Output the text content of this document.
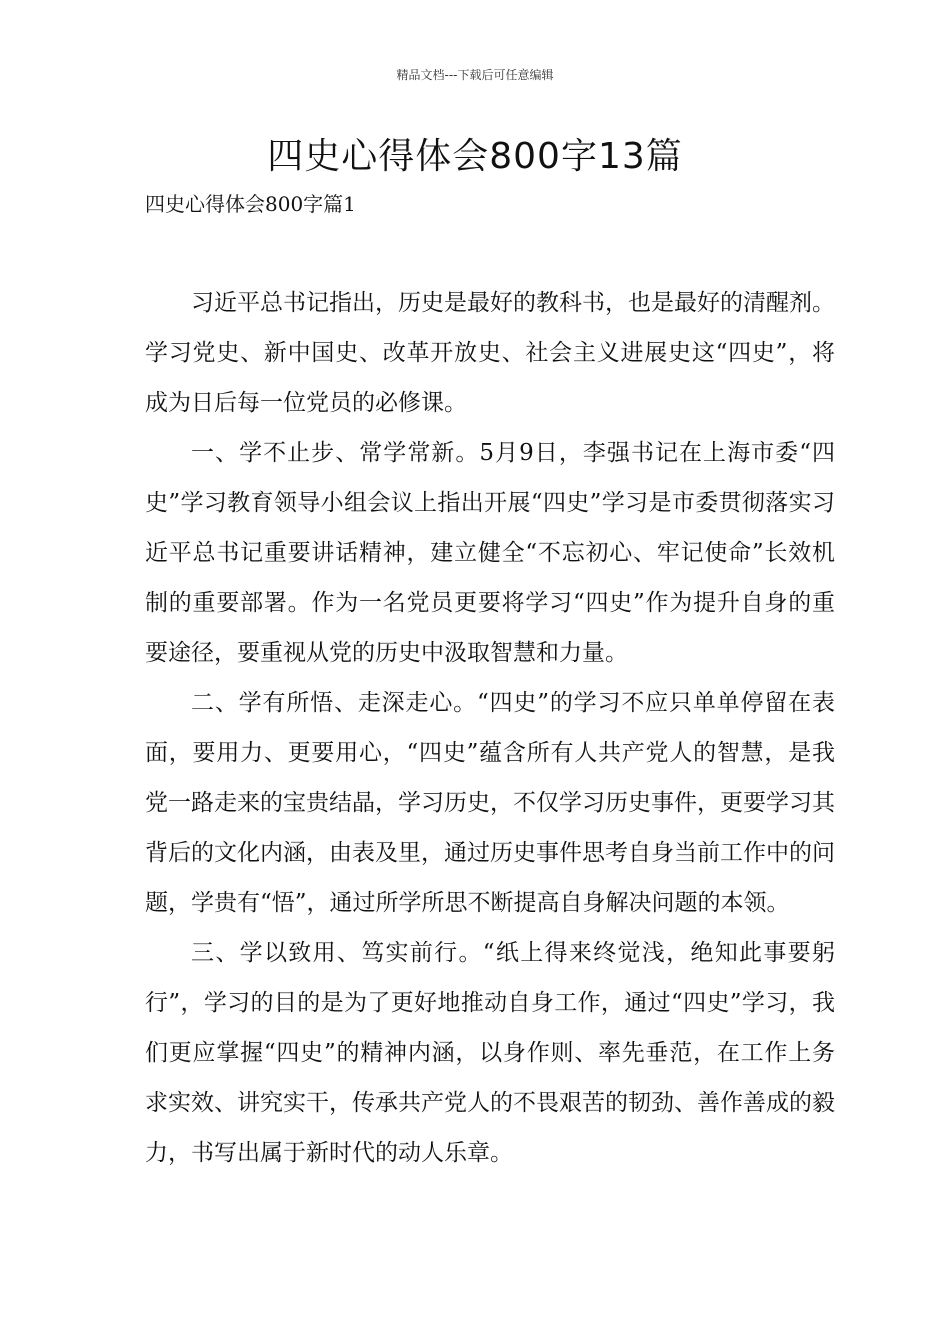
精品文档---下载后可任意编辑
四史心得体会800字13篇

四史心得体会800字篇1

习近平总书记指出，历史是最好的教科书，也是最好的清醒剂。学习党史、新中国史、改革开放史、社会主义进展史这“四史”，将成为日后每一位党员的必修课。

一、学不止步、常学常新。5月9日，李强书记在上海市委“四史”学习教育领导小组会议上指出开展“四史”学习是市委贯彻落实习近平总书记重要讲话精神，建立健全“不忘初心、牢记使命”长效机制的重要部署。作为一名党员更要将学习“四史”作为提升自身的重要途径，要重视从党的历史中汲取智慧和力量。

二、学有所悟、走深走心。“四史”的学习不应只单单停留在表面，要用力、更要用心，“四史”蕴含所有人共产党人的智慧，是我党一路走来的宝贵结晶，学习历史，不仅学习历史事件，更要学习其背后的文化内涵，由表及里，通过历史事件思考自身当前工作中的问题，学贵有“悟”，通过所学所思不断提高自身解决问题的本领。

三、学以致用、笃实前行。“纸上得来终觉浅，绝知此事要躬行”，学习的目的是为了更好地推动自身工作，通过“四史”学习，我们更应掌握“四史”的精神内涵，以身作则、率先垂范，在工作上务求实效、讲究实干，传承共产党人的不畏艰苦的韧劲、善作善成的毅力，书写出属于新时代的动人乐章。
